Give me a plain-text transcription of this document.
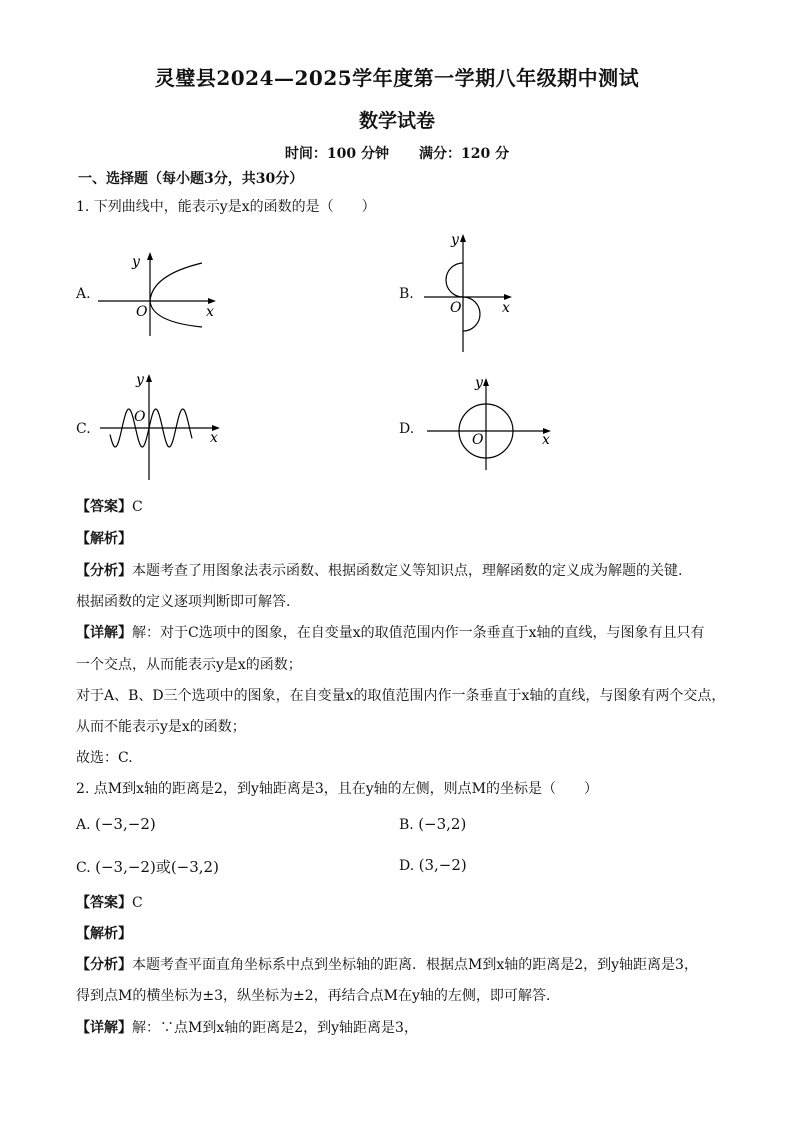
灵璧县2024—2025学年度第一学期八年级期中测试
数学试卷
时间：100 分钟 满分：120 分
一、选择题（每小题3分，共30分）
1. 下列曲线中，能表示y是x的函数的是（　　）
A.	B.
C.	D.
y
x
O
y
x
O
y
x
O
y
x
O
【答案】C
【解析】
【分析】本题考查了用图象法表示函数、根据函数定义等知识点，理解函数的定义成为解题的关键.
根据函数的定义逐项判断即可解答.
【详解】解：对于C选项中的图象，在自变量x的取值范围内作一条垂直于x轴的直线，与图象有且只有
一个交点，从而能表示y是x的函数；
对于A、B、D三个选项中的图象，在自变量x的取值范围内作一条垂直于x轴的直线，与图象有两个交点，
从而不能表示y是x的函数；
故选：C.
2. 点M到x轴的距离是2，到y轴距离是3，且在y轴的左侧，则点M的坐标是（　　）
A. (−3,−2)	B. (−3,2)
C. (−3,−2)或(−3,2)	D. (3,−2)
【答案】C
【解析】
【分析】本题考查平面直角坐标系中点到坐标轴的距离．根据点M到x轴的距离是2，到y轴距离是3，
得到点M的横坐标为±3，纵坐标为±2，再结合点M在y轴的左侧，即可解答.
【详解】解：∵点M到x轴的距离是2，到y轴距离是3，
